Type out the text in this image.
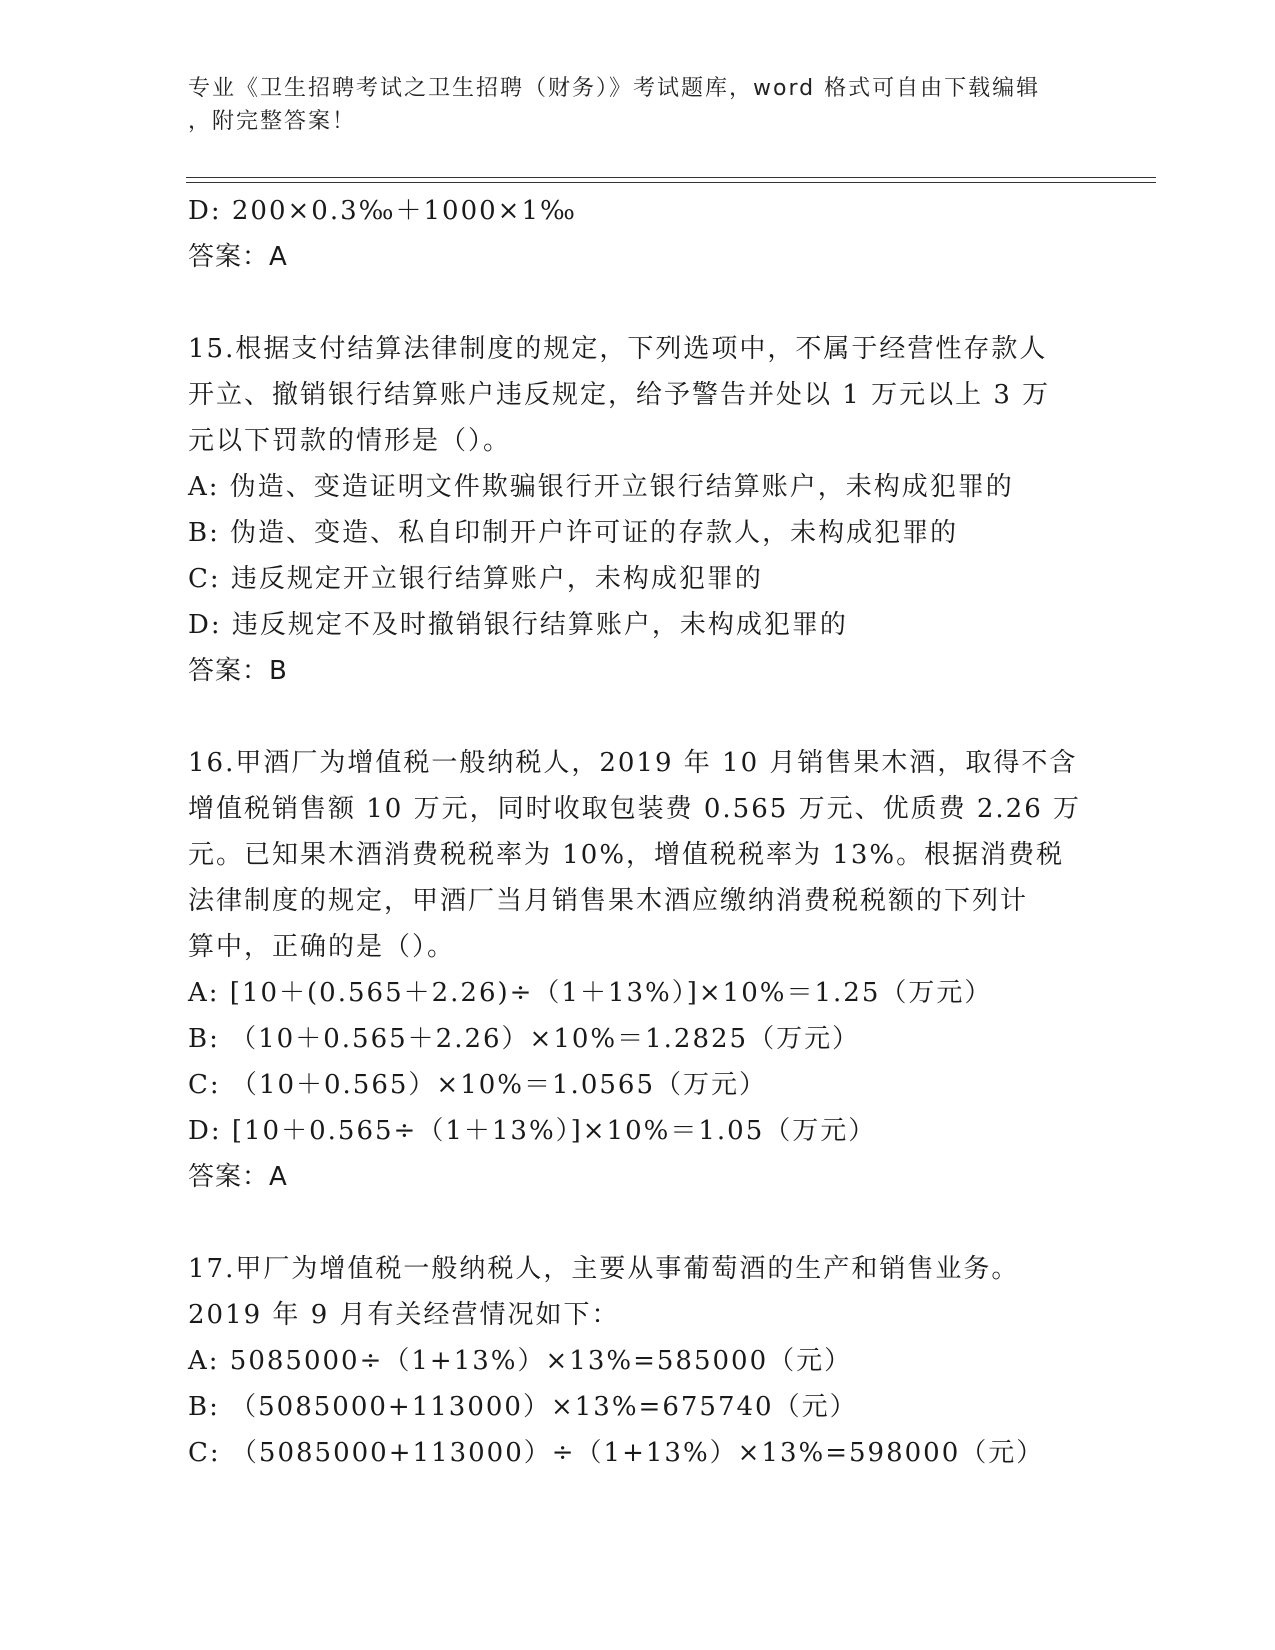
专业《卫生招聘考试之卫生招聘（财务）》考试题库，word 格式可自由下载编辑
，附完整答案！
D: 200×0.3‰＋1000×1‰
答案：A
15.根据支付结算法律制度的规定，下列选项中，不属于经营性存款人
开立、撤销银行结算账户违反规定，给予警告并处以 1 万元以上 3 万
元以下罚款的情形是（）。
A: 伪造、变造证明文件欺骗银行开立银行结算账户，未构成犯罪的
B: 伪造、变造、私自印制开户许可证的存款人，未构成犯罪的
C: 违反规定开立银行结算账户，未构成犯罪的
D: 违反规定不及时撤销银行结算账户，未构成犯罪的
答案：B
16.甲酒厂为增值税一般纳税人，2019 年 10 月销售果木酒，取得不含
增值税销售额 10 万元，同时收取包装费 0.565 万元、优质费 2.26 万
元。已知果木酒消费税税率为 10%，增值税税率为 13%。根据消费税
法律制度的规定，甲酒厂当月销售果木酒应缴纳消费税税额的下列计
算中，正确的是（）。
A: [10＋(0.565＋2.26)÷（1＋13%）]×10%＝1.25（万元）
B: （10＋0.565＋2.26）×10%＝1.2825（万元）
C: （10＋0.565）×10%＝1.0565（万元）
D: [10＋0.565÷（1＋13%）]×10%＝1.05（万元）
答案：A
17.甲厂为增值税一般纳税人，主要从事葡萄酒的生产和销售业务。
2019 年 9 月有关经营情况如下：
A: 5085000÷（1+13%）×13%=585000（元）
B: （5085000+113000）×13%=675740（元）
C: （5085000+113000）÷（1+13%）×13%=598000（元）
